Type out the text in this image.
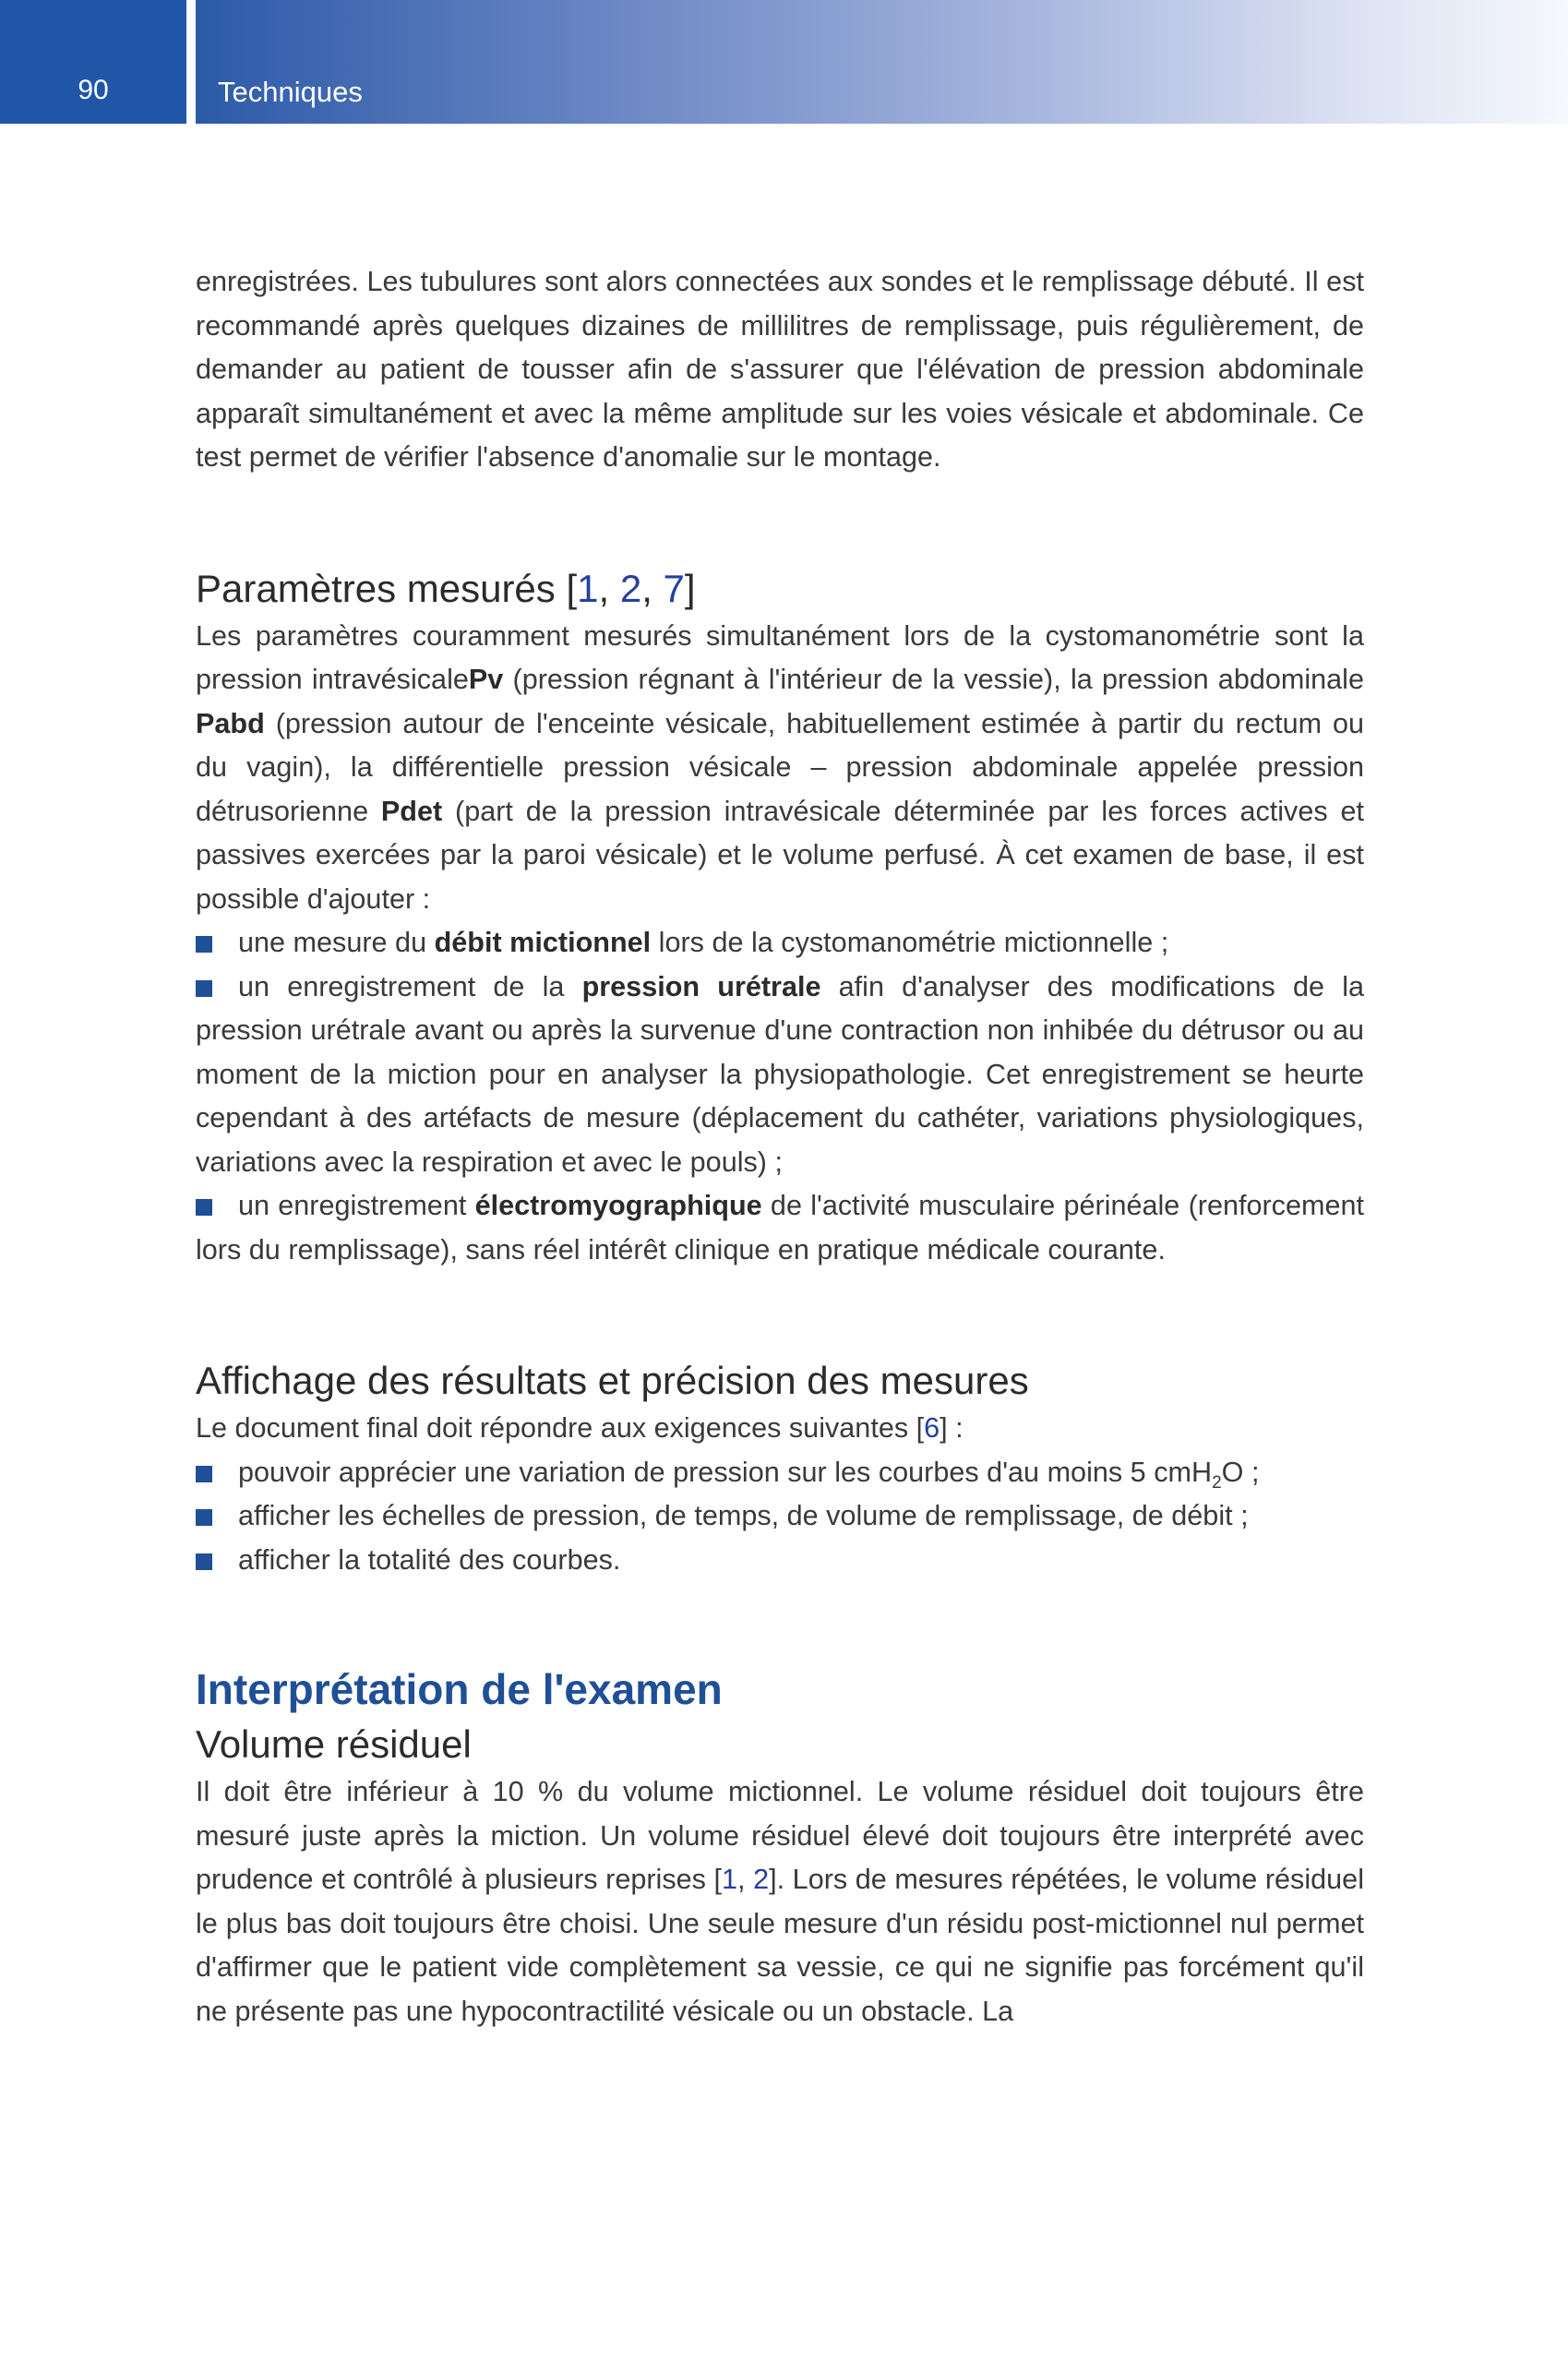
90	Techniques

enregistrées. Les tubulures sont alors connectées aux sondes et le remplissage débuté. Il est recommandé après quelques dizaines de millilitres de remplissage, puis régulièrement, de demander au patient de tousser afin de s'assurer que l'élévation de pression abdominale apparaît simultanément et avec la même amplitude sur les voies vésicale et abdominale. Ce test permet de vérifier l'absence d'anomalie sur le montage.

Paramètres mesurés [1, 2, 7]

Les paramètres couramment mesurés simultanément lors de la cystomanométrie sont la pression intravésicalePv (pression régnant à l'intérieur de la vessie), la pression abdominale Pabd (pression autour de l'enceinte vésicale, habituellement estimée à partir du rectum ou du vagin), la différentielle pression vésicale – pression abdominale appelée pression détrusorienne Pdet (part de la pression intravésicale déterminée par les forces actives et passives exercées par la paroi vésicale) et le volume perfusé. À cet examen de base, il est possible d'ajouter :

une mesure du débit mictionnel lors de la cystomanométrie mictionnelle ;
un enregistrement de la pression urétrale afin d'analyser des modifications de la pression urétrale avant ou après la survenue d'une contraction non inhibée du détrusor ou au moment de la miction pour en analyser la physiopathologie. Cet enregistrement se heurte cependant à des artéfacts de mesure (déplacement du cathéter, variations physiologiques, variations avec la respiration et avec le pouls) ;
un enregistrement électromyographique de l'activité musculaire périnéale (renforcement lors du remplissage), sans réel intérêt clinique en pratique médicale courante.
Affichage des résultats et précision des mesures

Le document final doit répondre aux exigences suivantes [6] :

pouvoir apprécier une variation de pression sur les courbes d'au moins 5 cmH$_2$O ;
afficher les échelles de pression, de temps, de volume de remplissage, de débit ;
afficher la totalité des courbes.
Interprétation de l'examen
Volume résiduel

Il doit être inférieur à 10 % du volume mictionnel. Le volume résiduel doit toujours être mesuré juste après la miction. Un volume résiduel élevé doit toujours être interprété avec prudence et contrôlé à plusieurs reprises [1, 2]. Lors de mesures répétées, le volume résiduel le plus bas doit toujours être choisi. Une seule mesure d'un résidu post-mictionnel nul permet d'affirmer que le patient vide complètement sa vessie, ce qui ne signifie pas forcément qu'il ne présente pas une hypocontractilité vésicale ou un obstacle. La
